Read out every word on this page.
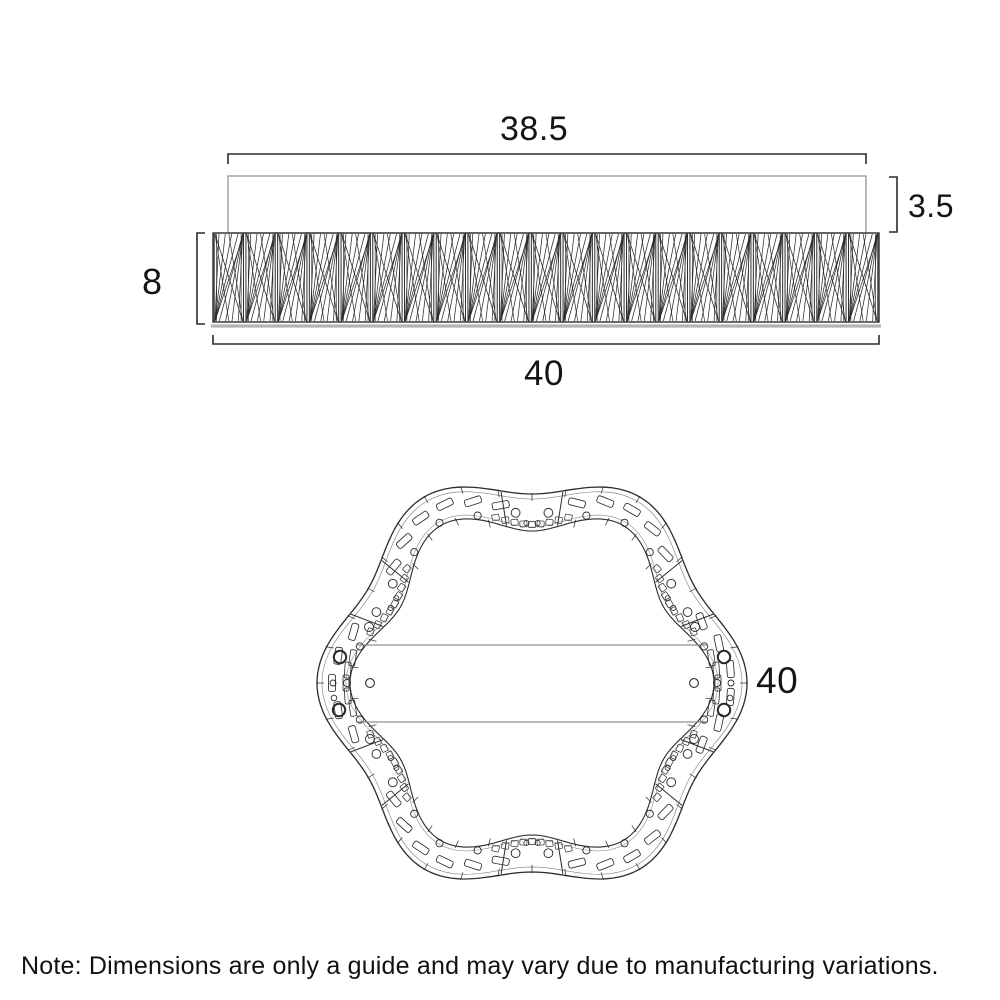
38.5
3.5
8
40
40
Note: Dimensions are only a guide and may vary due to manufacturing variations.
